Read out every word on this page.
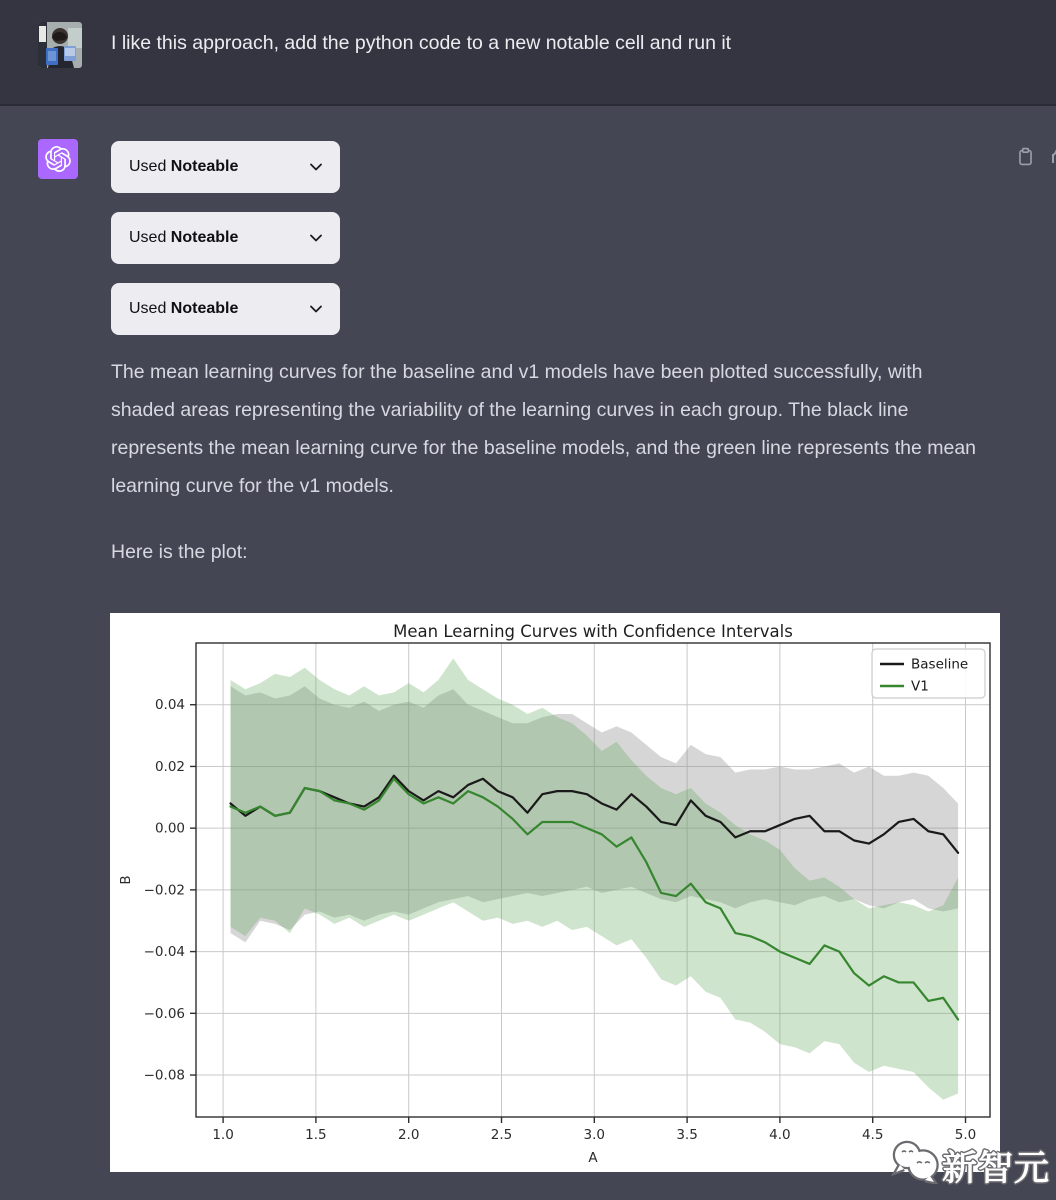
I like this approach, add the python code to a new notable cell and run it
Used Noteable
Used Noteable
Used Noteable
The mean learning curves for the baseline and v1 models have been plotted successfully, with shaded areas representing the variability of the learning curves in each group. The black line represents the mean learning curve for the baseline models, and the green line represents the mean learning curve for the v1 models.
Here is the plot:
1.0	1.5	2.0	2.5	3.0	3.5	4.0	4.5	5.0
0.04
0.02
0.00
−0.02
−0.04
−0.06
−0.08
Mean Learning Curves with Confidence Intervals
A
B
Baseline
V1
新智元
